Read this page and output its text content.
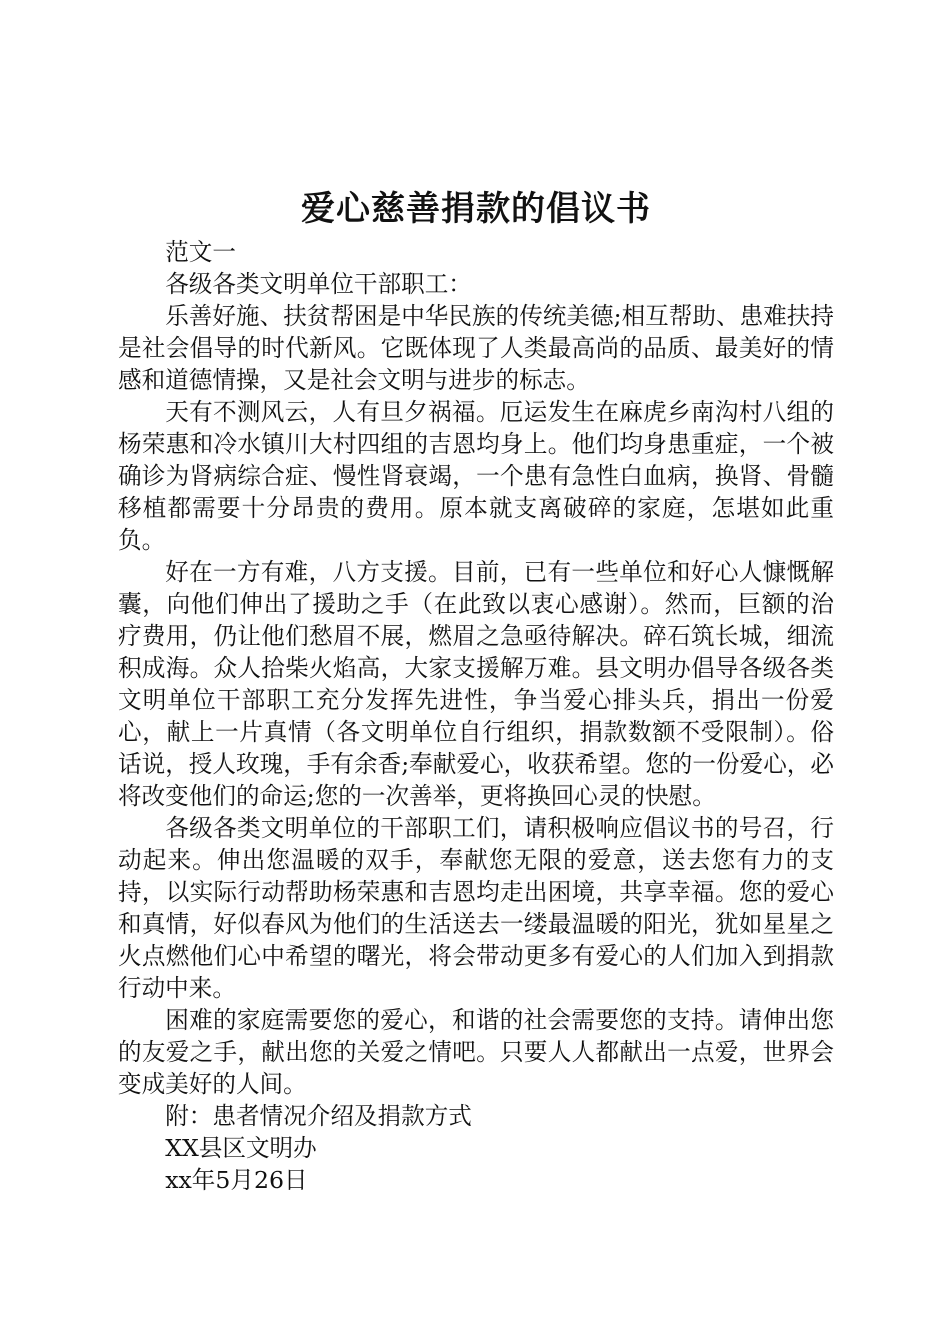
爱心慈善捐款的倡议书

范文一

各级各类文明单位干部职工：

乐善好施、扶贫帮困是中华民族的传统美德;相互帮助、患难扶持是社会倡导的时代新风。它既体现了人类最高尚的品质、最美好的情感和道德情操，又是社会文明与进步的标志。

天有不测风云，人有旦夕祸福。厄运发生在麻虎乡南沟村八组的杨荣惠和冷水镇川大村四组的吉恩均身上。他们均身患重症，一个被确诊为肾病综合症、慢性肾衰竭，一个患有急性白血病，换肾、骨髓移植都需要十分昂贵的费用。原本就支离破碎的家庭，怎堪如此重负。

好在一方有难，八方支援。目前，已有一些单位和好心人慷慨解囊，向他们伸出了援助之手（在此致以衷心感谢）。然而，巨额的治疗费用，仍让他们愁眉不展，燃眉之急亟待解决。碎石筑长城，细流积成海。众人拾柴火焰高，大家支援解万难。县文明办倡导各级各类文明单位干部职工充分发挥先进性，争当爱心排头兵，捐出一份爱心，献上一片真情（各文明单位自行组织，捐款数额不受限制）。俗话说，授人玫瑰，手有余香;奉献爱心，收获希望。您的一份爱心，必将改变他们的命运;您的一次善举，更将换回心灵的快慰。

各级各类文明单位的干部职工们，请积极响应倡议书的号召，行动起来。伸出您温暖的双手，奉献您无限的爱意，送去您有力的支持，以实际行动帮助杨荣惠和吉恩均走出困境，共享幸福。您的爱心和真情，好似春风为他们的生活送去一缕最温暖的阳光，犹如星星之火点燃他们心中希望的曙光，将会带动更多有爱心的人们加入到捐款行动中来。

困难的家庭需要您的爱心，和谐的社会需要您的支持。请伸出您的友爱之手，献出您的关爱之情吧。只要人人都献出一点爱，世界会变成美好的人间。

附：患者情况介绍及捐款方式

XX县区文明办

xx年5月26日
